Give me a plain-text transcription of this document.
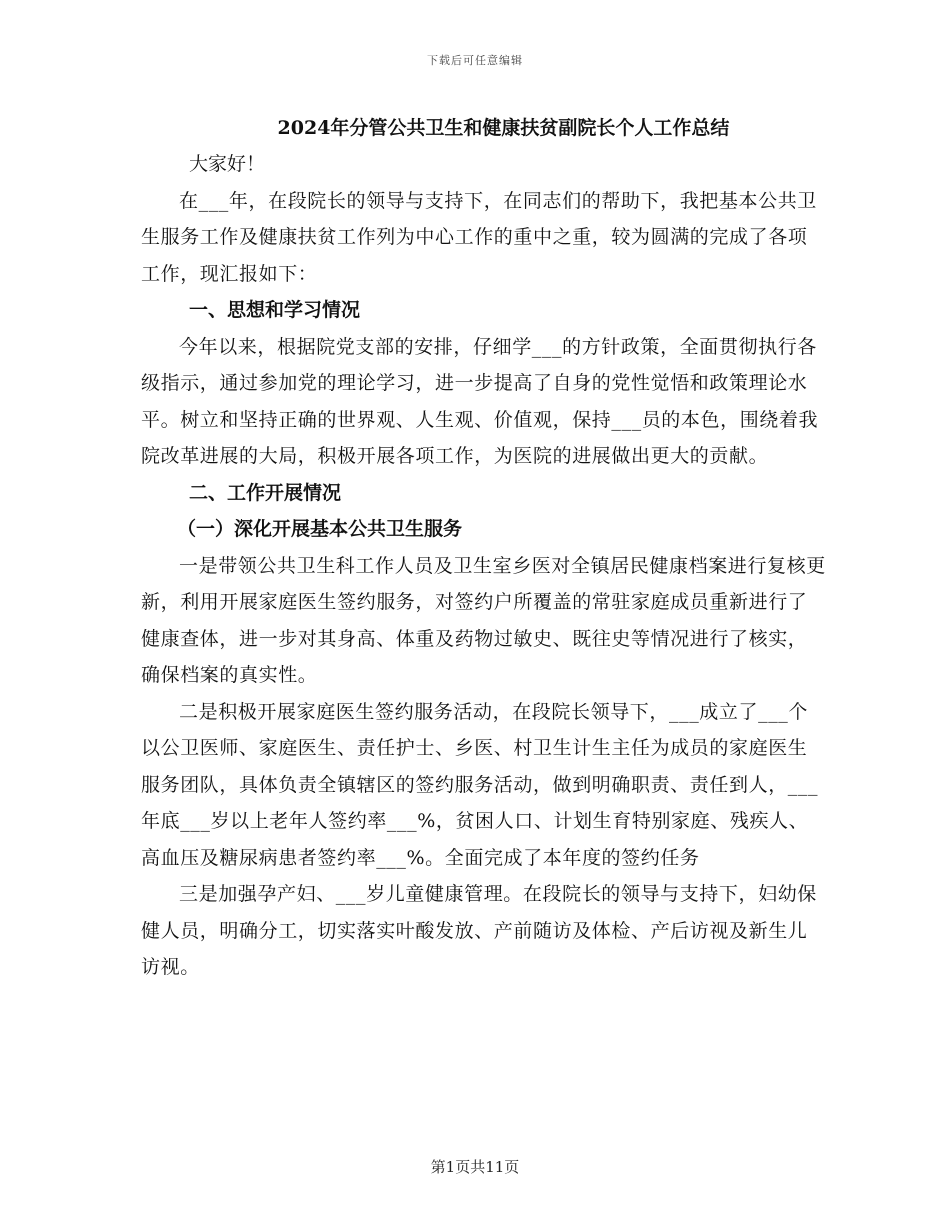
下载后可任意编辑
2024年分管公共卫生和健康扶贫副院长个人工作总结

大家好！

在___年，在段院长的领导与支持下，在同志们的帮助下，我把基本公共卫生服务工作及健康扶贫工作列为中心工作的重中之重，较为圆满的完成了各项工作，现汇报如下：

一、思想和学习情况

今年以来，根据院党支部的安排，仔细学___的方针政策，全面贯彻执行各级指示，通过参加党的理论学习，进一步提高了自身的党性觉悟和政策理论水平。树立和坚持正确的世界观、人生观、价值观，保持___员的本色，围绕着我院改革进展的大局，积极开展各项工作，为医院的进展做出更大的贡献。

二、工作开展情况

（一）深化开展基本公共卫生服务

一是带领公共卫生科工作人员及卫生室乡医对全镇居民健康档案进行复核更新，利用开展家庭医生签约服务，对签约户所覆盖的常驻家庭成员重新进行了健康查体，进一步对其身高、体重及药物过敏史、既往史等情况进行了核实，确保档案的真实性。

二是积极开展家庭医生签约服务活动，在段院长领导下，___成立了___个以公卫医师、家庭医生、责任护士、乡医、村卫生计生主任为成员的家庭医生服务团队，具体负责全镇辖区的签约服务活动，做到明确职责、责任到人，___年底___岁以上老年人签约率___%，贫困人口、计划生育特别家庭、残疾人、高血压及糖尿病患者签约率___%。全面完成了本年度的签约任务

三是加强孕产妇、___岁儿童健康管理。在段院长的领导与支持下，妇幼保健人员，明确分工，切实落实叶酸发放、产前随访及体检、产后访视及新生儿访视。

第1页共11页
